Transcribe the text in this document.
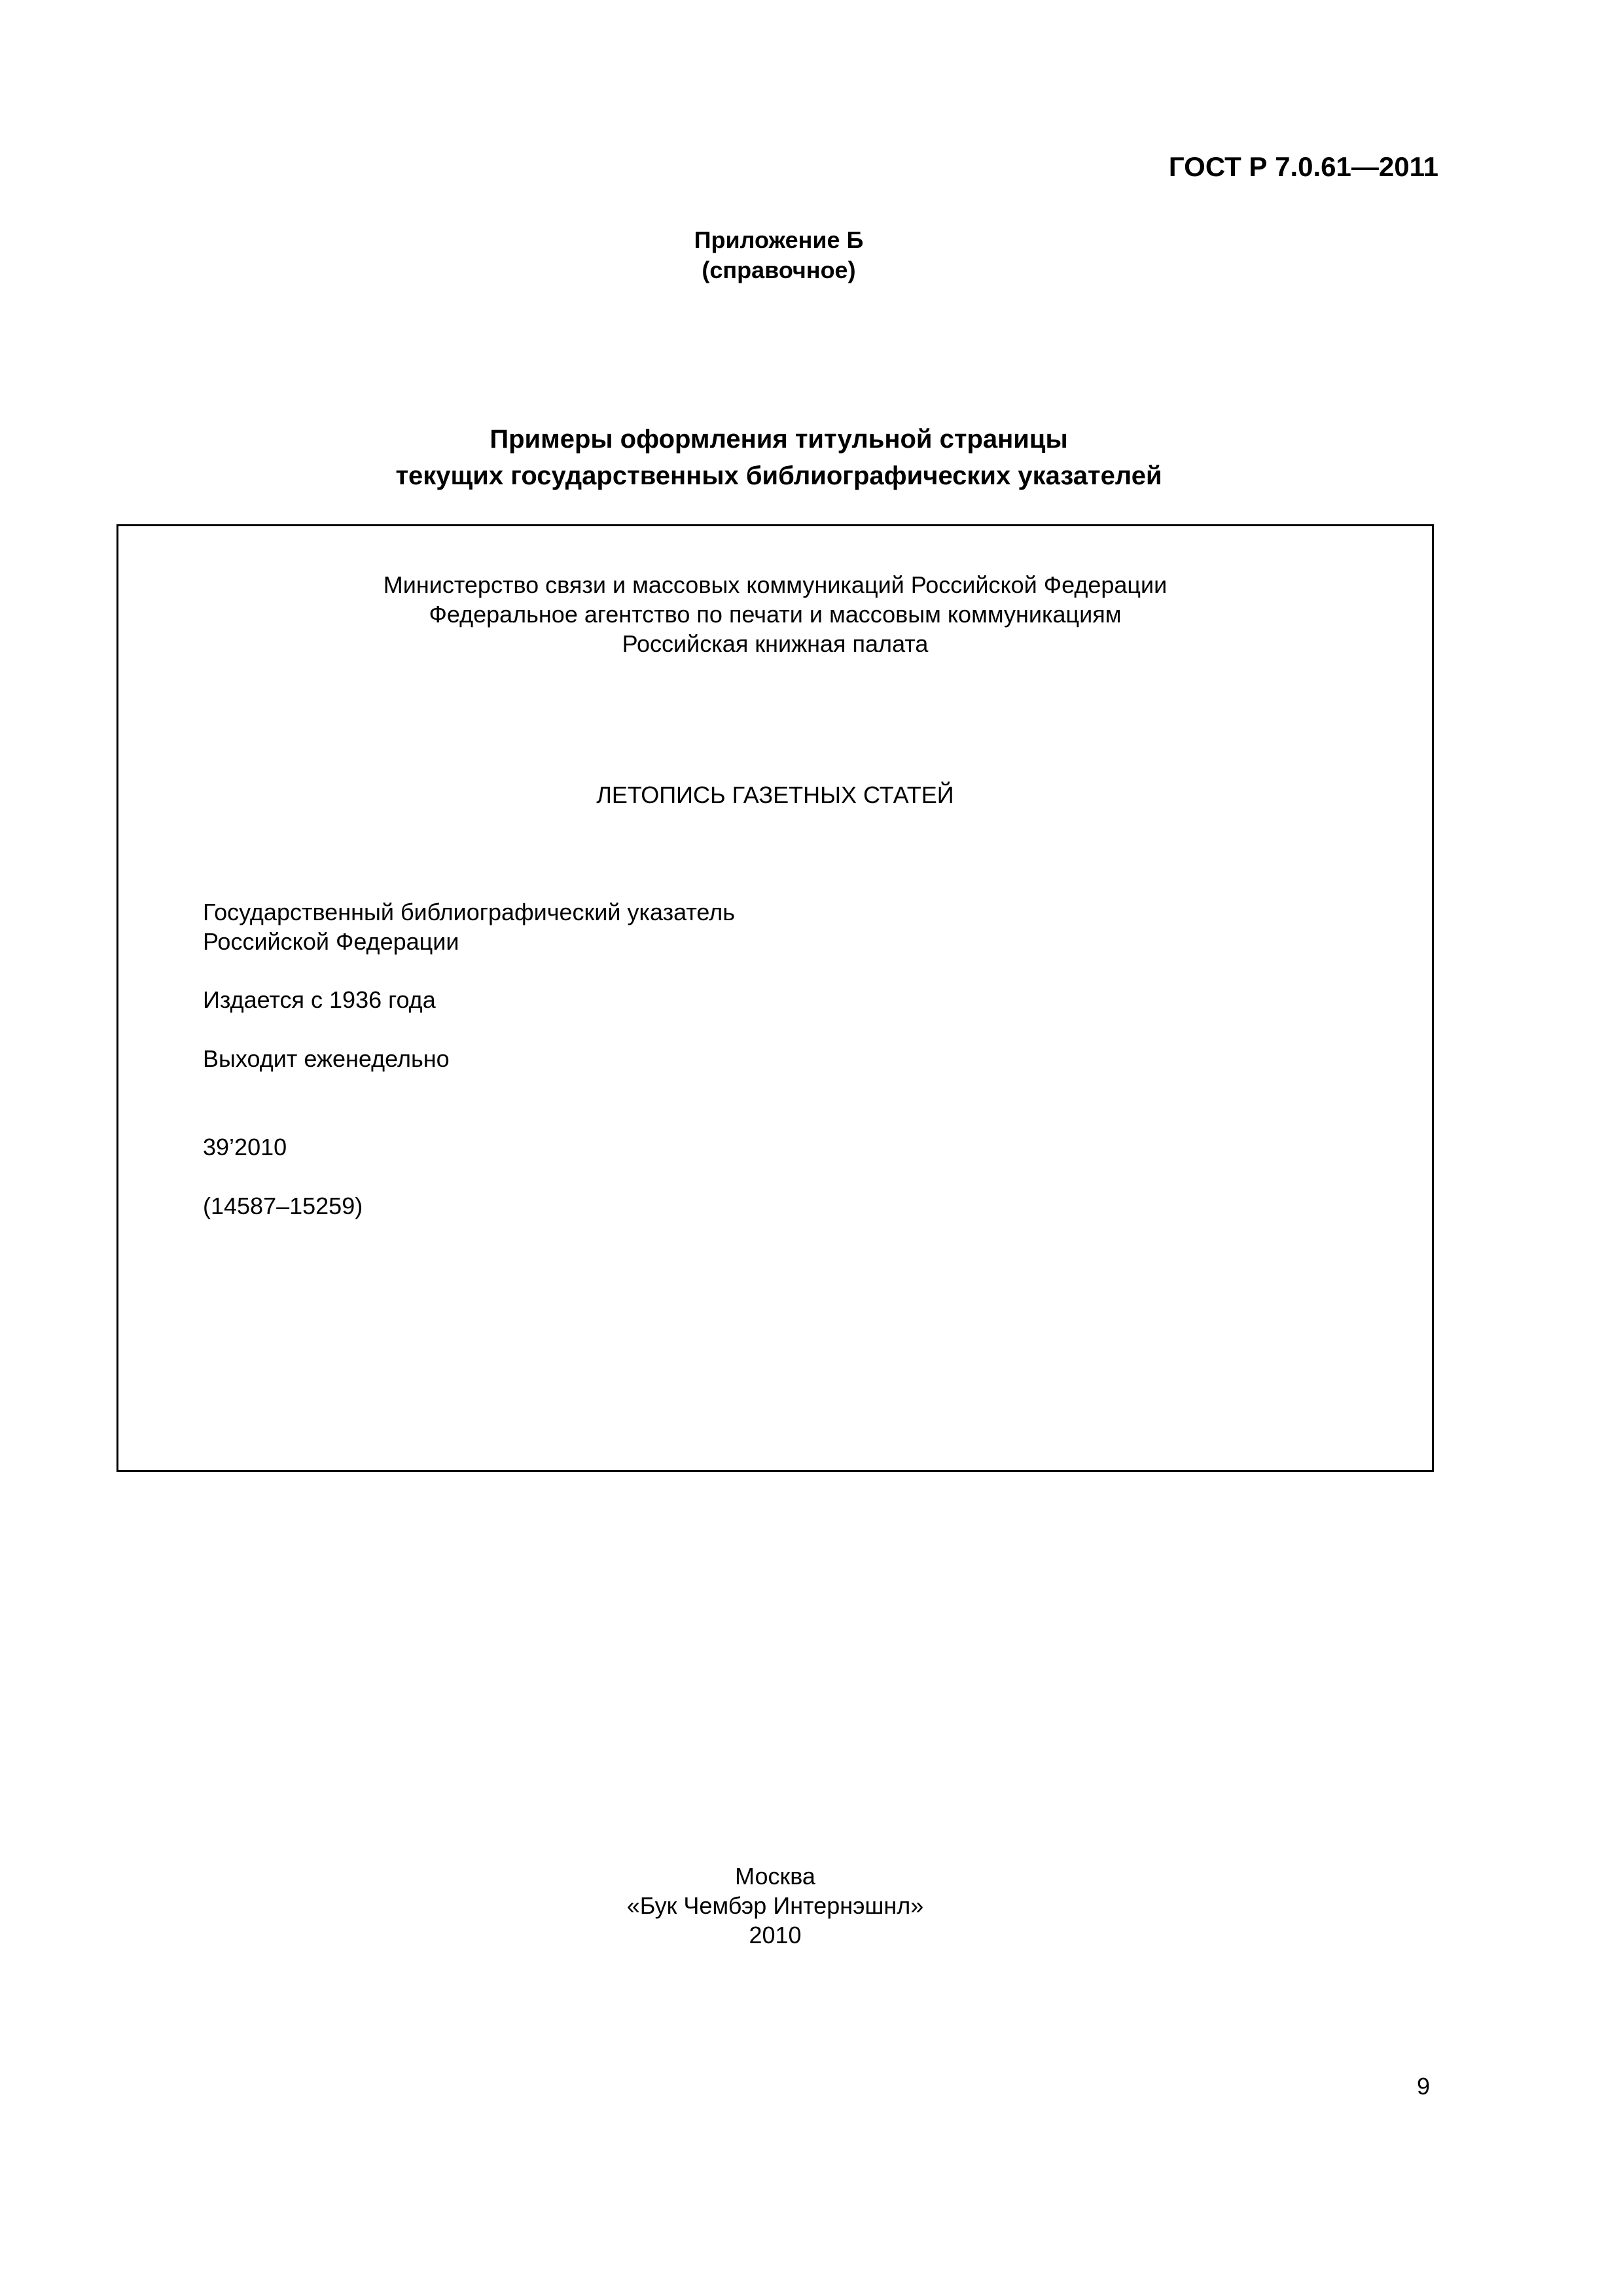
ГОСТ Р 7.0.61—2011
Приложение Б
(справочное)
Примеры оформления титульной страницы
текущих государственных библиографических указателей
Министерство связи и массовых коммуникаций Российской Федерации
Федеральное агентство по печати и массовым коммуникациям
Российская книжная палата
ЛЕТОПИСЬ ГАЗЕТНЫХ СТАТЕЙ
Государственный библиографический указатель
Российской Федерации
Издается с 1936 года
Выходит еженедельно
39’2010
(14587–15259)
Москва
«Бук Чембэр Интернэшнл»
2010
9
